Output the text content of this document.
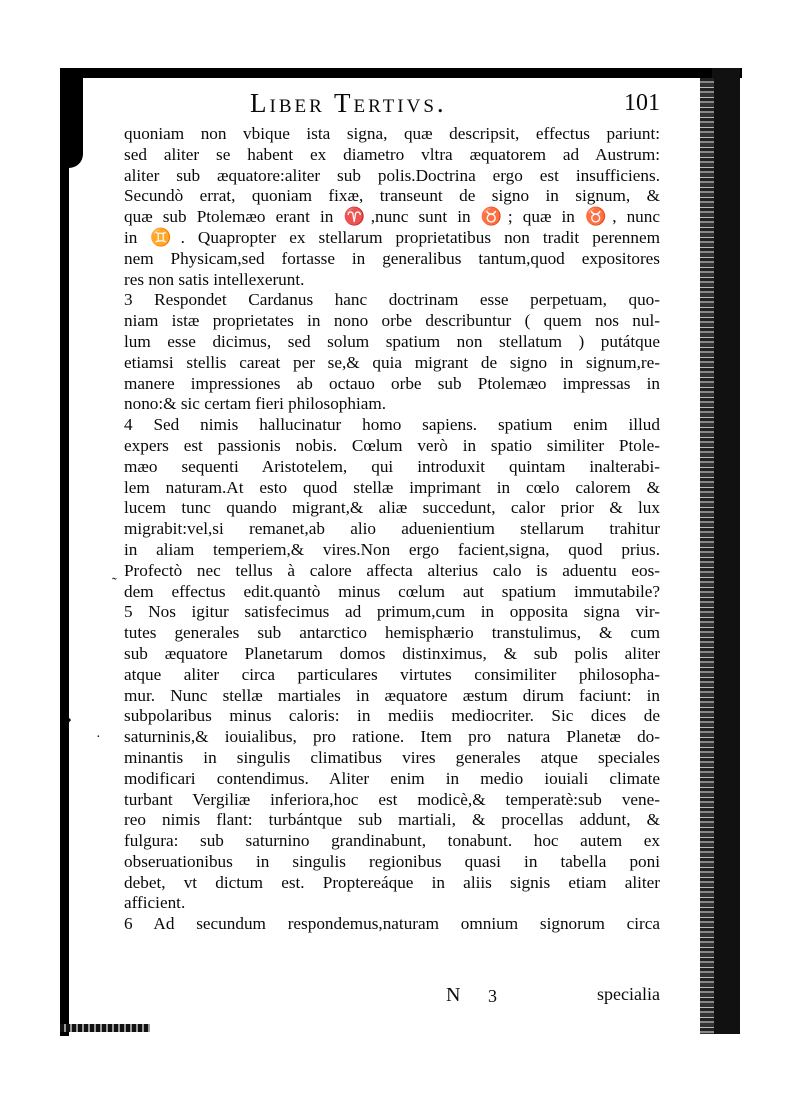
Liber Tertivs.	101
quoniam non vbique ista signa, quæ descripsit, effectus pariunt:
sed aliter se habent ex diametro vltra æquatorem ad Austrum:
aliter sub æquatore:aliter sub polis.Doctrina ergo est insufficiens.
Secundò errat, quoniam fixæ, transeunt de signo in signum, &
quæ sub Ptolemæo erant in ♈,nunc sunt in ♉; quæ in ♉, nunc
in ♊. Quapropter ex stellarum proprietatibus non tradit perennem
nem Physicam,sed fortasse in generalibus tantum,quod expositores
res non satis intellexerunt.
3 Respondet Cardanus hanc doctrinam esse perpetuam, quo-
niam istæ proprietates in nono orbe describuntur ( quem nos nul-
lum esse dicimus, sed solum spatium non stellatum ) putátque
etiamsi stellis careat per se,& quia migrant de signo in signum,re-
manere impressiones ab octauo orbe sub Ptolemæo impressas in
nono:& sic certam fieri philosophiam.
4 Sed nimis hallucinatur homo sapiens. spatium enim illud
expers est passionis nobis. Cœlum verò in spatio similiter Ptole-
mæo sequenti Aristotelem, qui introduxit quintam inalterabi-
lem naturam.At esto quod stellæ imprimant in cœlo calorem &
lucem tunc quando migrant,& aliæ succedunt, calor prior & lux
migrabit:vel,si remanet,ab alio aduenientium stellarum trahitur
in aliam temperiem,& vires.Non ergo facient,signa, quod prius.
Profectò nec tellus à calore affecta alterius calo is aduentu eos-
dem effectus edit.quantò minus cœlum aut spatium immutabile?
5 Nos igitur satisfecimus ad primum,cum in opposita signa vir-
tutes generales sub antarctico hemisphærio transtulimus, & cum
sub æquatore Planetarum domos distinximus, & sub polis aliter
atque aliter circa particulares virtutes consimiliter philosopha-
mur. Nunc stellæ martiales in æquatore æstum dirum faciunt: in
subpolaribus minus caloris: in mediis mediocriter. Sic dices de
saturninis,& iouialibus, pro ratione. Item pro natura Planetæ do-
minantis in singulis climatibus vires generales atque speciales
modificari contendimus. Aliter enim in medio iouiali climate
turbant Vergiliæ inferiora,hoc est modicè,& temperatè:sub vene-
reo nimis flant: turbántque sub martiali, & procellas addunt, &
fulgura: sub saturnino grandinabunt, tonabunt. hoc autem ex
obseruationibus in singulis regionibus quasi in tabella poni
debet, vt dictum est. Proptereáque in aliis signis etiam aliter
afficient.
6 Ad secundum respondemus,naturam omnium signorum circa
˜
›
·
N 3	specialia
